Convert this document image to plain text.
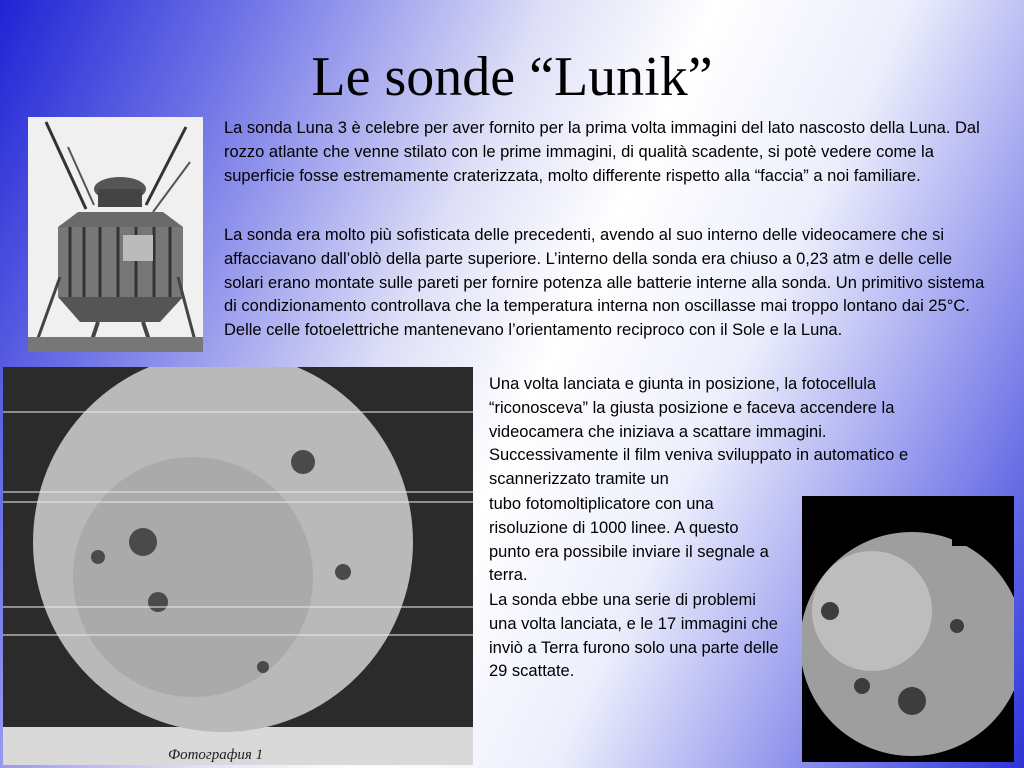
Le sonde “Lunik”
Фотография 1

La sonda Luna 3 è celebre per aver fornito per la prima volta immagini del lato nascosto della Luna. Dal rozzo atlante che venne stilato con le prime immagini, di qualità scadente, si potè vedere come la superficie fosse estremamente craterizzata, molto differente rispetto alla “faccia” a noi familiare.

La sonda era molto più sofisticata delle precedenti, avendo al suo interno delle videocamere che si affacciavano dall’oblò della parte superiore. L’interno della sonda era chiuso a 0,23 atm e delle celle solari erano montate sulle pareti per fornire potenza alle batterie interne alla sonda. Un primitivo sistema di condizionamento controllava che la temperatura interna non oscillasse mai troppo lontano dai 25°C. Delle celle fotoelettriche mantenevano l’orientamento reciproco con il Sole e la Luna.

Una volta lanciata e giunta in posizione, la fotocellula “riconosceva” la giusta posizione e faceva accendere la videocamera che iniziava a scattare immagini. Successivamente il film veniva sviluppato in automatico e scannerizzato tramite un

tubo fotomoltiplicatore con una risoluzione di 1000 linee. A questo punto era possibile inviare il segnale a terra.

La sonda ebbe una serie di problemi una volta lanciata, e le 17 immagini che inviò a Terra furono solo una parte delle 29 scattate.
